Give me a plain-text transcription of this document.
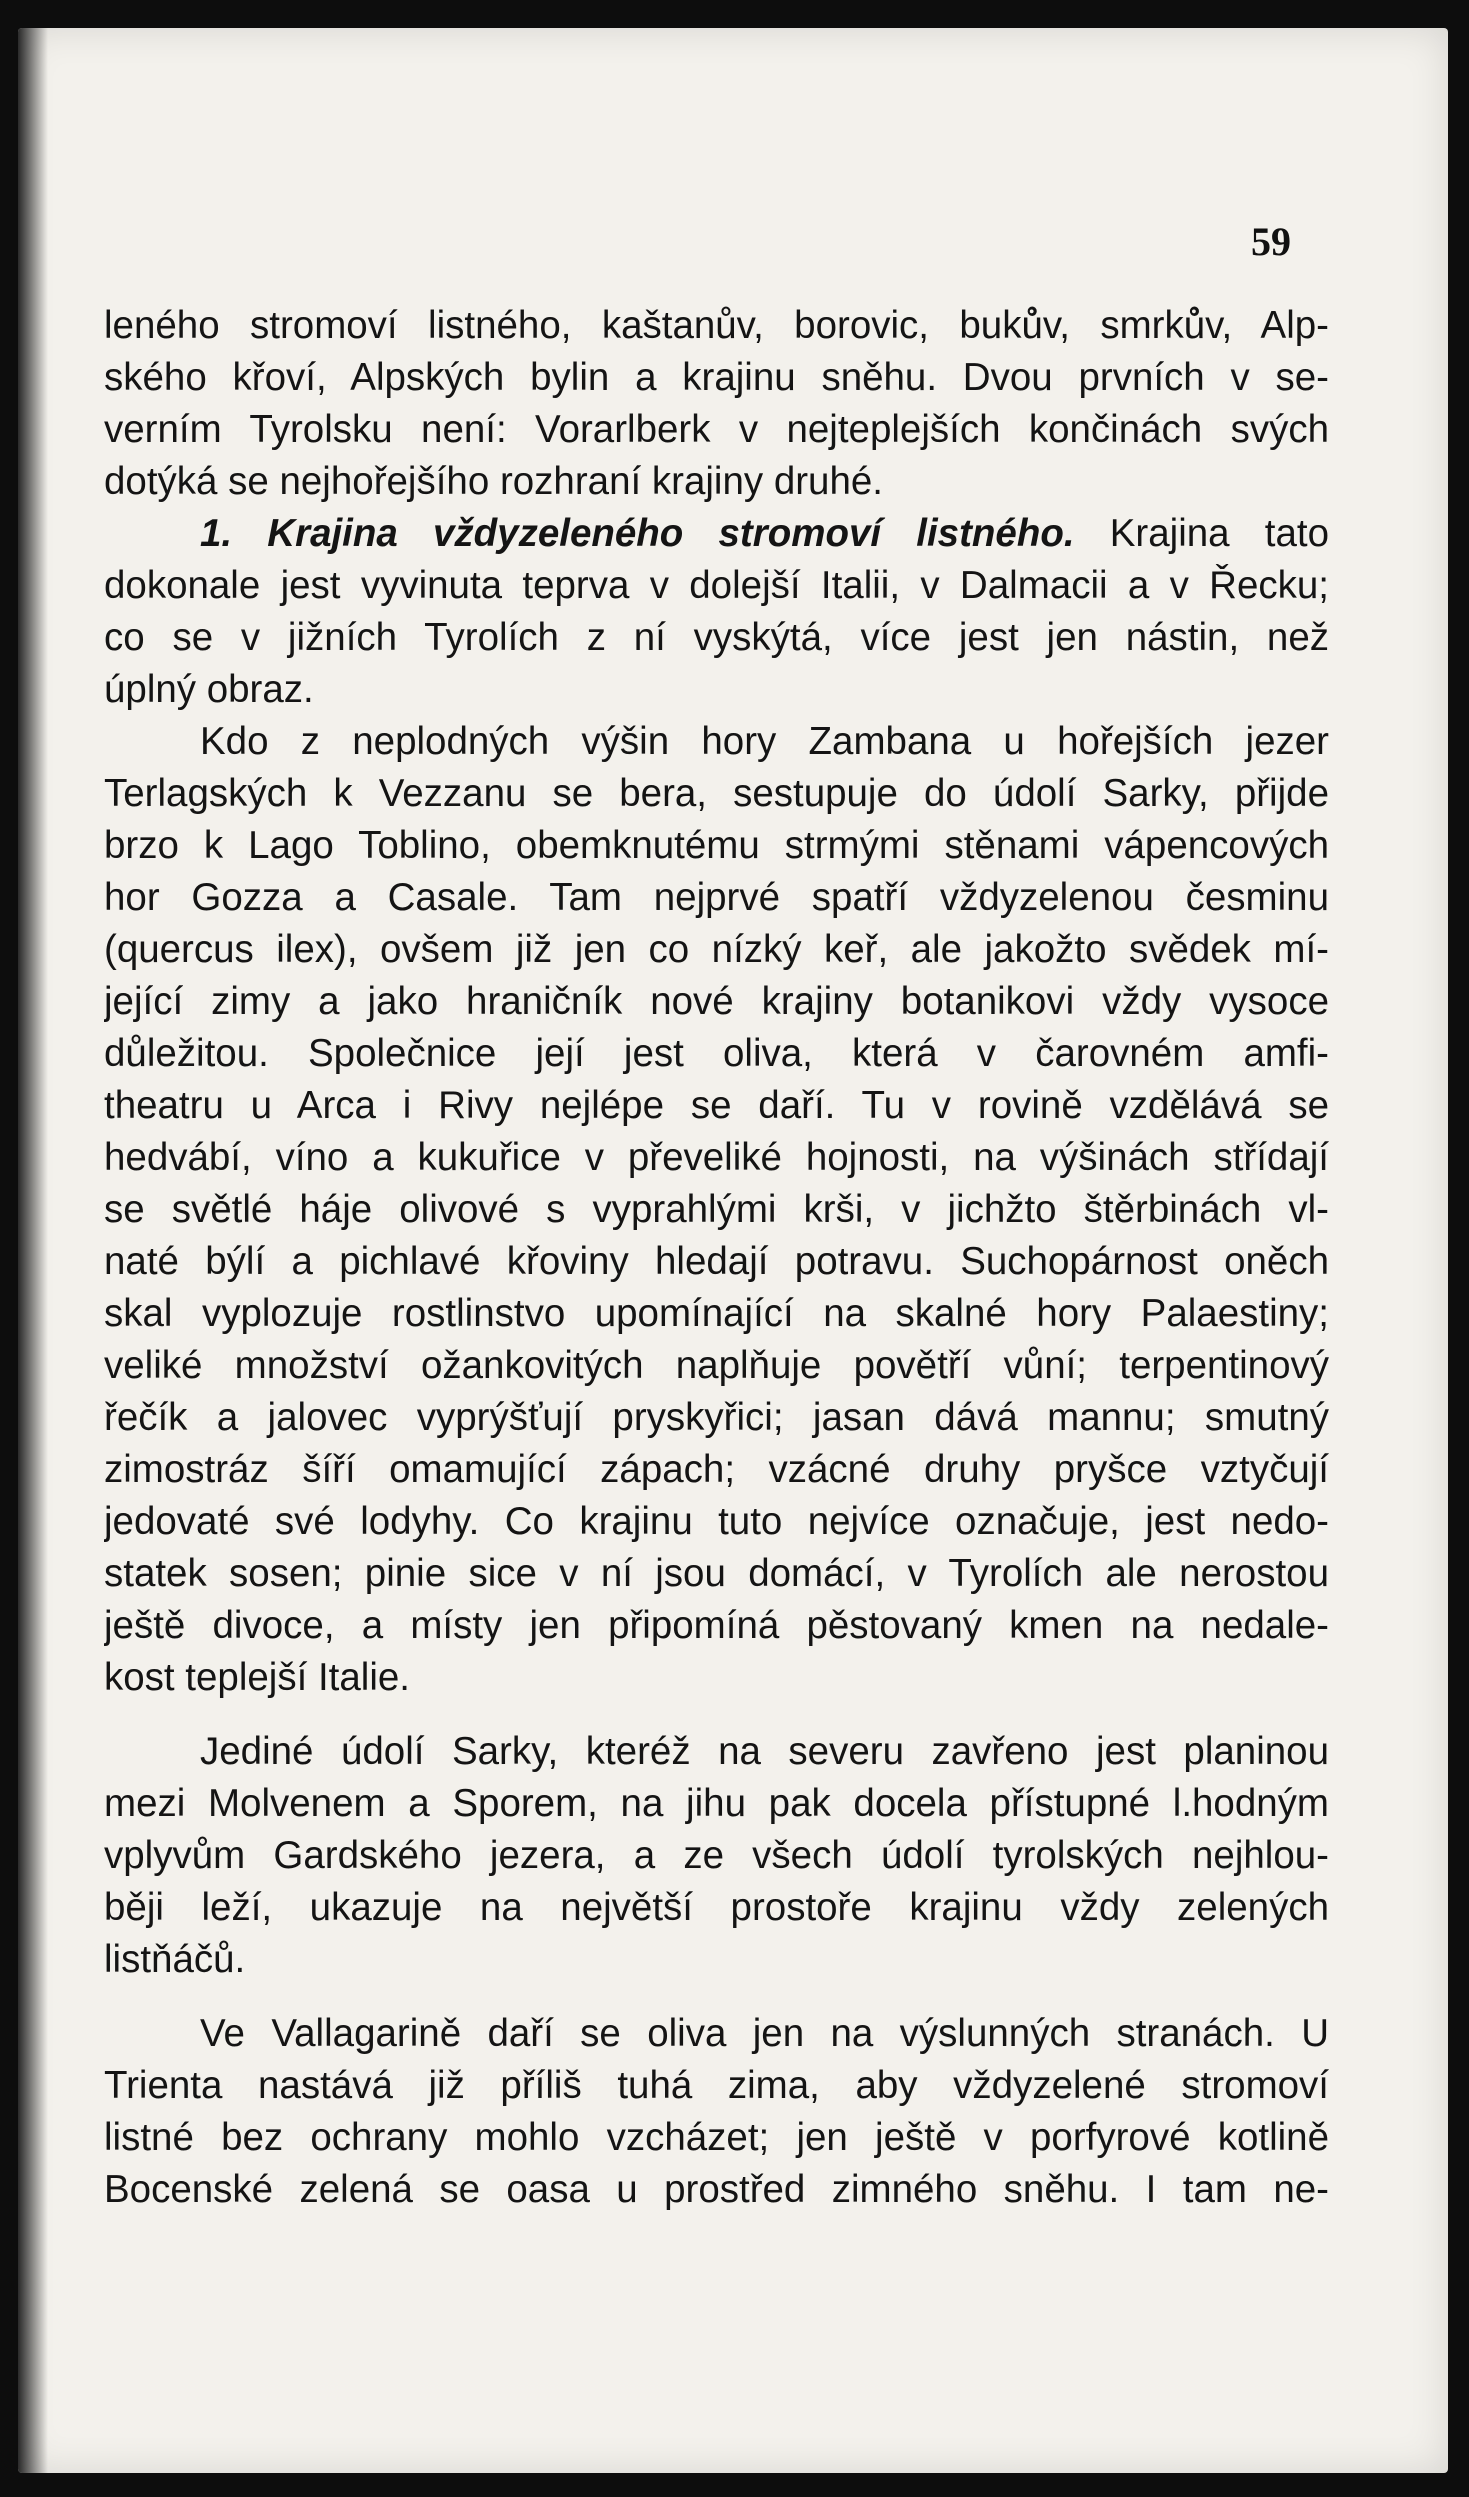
59
leného stromoví listného, kaštanův, borovic, buků̊v, smrků̊v, Alp-
ského křoví, Alpských bylin a krajinu sněhu. Dvou prvních v se-
verním Tyrolsku není: Vorarlberk v nejteplejších končinách svých
dotýká se nejhořejšího rozhraní krajiny druhé.
1. Krajina vždyzeleného stromoví listného. Krajina tato
dokonale jest vyvinuta teprva v dolejší Italii, v Dalmacii a v Řecku;
co se v jižních Tyrolích z ní vyskýtá, více jest jen nástin, než
úplný obraz.
Kdo z neplodných výšin hory Zambana u hořejších jezer
Terlagských k Vezzanu se bera, sestupuje do údolí Sarky, přijde
brzo k Lago Toblino, obemknutému strmými stěnami vápencových
hor Gozza a Casale. Tam nejprvé spatří vždyzelenou česminu
(quercus ilex), ovšem již jen co nízký keř, ale jakožto svědek mí-
jející zimy a jako hraničník nové krajiny botanikovi vždy vysoce
důležitou. Společnice její jest oliva, která v čarovném amfi-
theatru u Arca i Rivy nejlépe se daří. Tu v rovině vzdělává se
hedvábí, víno a kukuřice v převeliké hojnosti, na výšinách střídají
se světlé háje olivové s vyprahlými krši, v jichžto štěrbinách vl-
naté býlí a pichlavé křoviny hledají potravu. Suchopárnost oněch
skal vyplozuje rostlinstvo upomínající na skalné hory Palaestiny;
veliké množství ožankovitých naplňuje povětří vůní; terpentinový
řečík a jalovec vyprýšťují pryskyřici; jasan dává mannu; smutný
zimostráz šíří omamující zápach; vzácné druhy pryšce vztyčují
jedovaté své lodyhy. Co krajinu tuto nejvíce označuje, jest nedo-
statek sosen; pinie sice v ní jsou domácí, v Tyrolích ale nerostou
ještě divoce, a místy jen připomíná pěstovaný kmen na nedale-
kost teplejší Italie.
Jediné údolí Sarky, kteréž na severu zavřeno jest planinou
mezi Molvenem a Sporem, na jihu pak docela přístupné l.hodným
vplyvům Gardského jezera, a ze všech údolí tyrolských nejhlou-
běji leží, ukazuje na největší prostoře krajinu vždy zelených
listňáčů.
Ve Vallagarině daří se oliva jen na výslunných stranách. U
Trienta nastává již příliš tuhá zima, aby vždyzelené stromoví
listné bez ochrany mohlo vzcházet; jen ještě v porfyrové kotlině
Bocenské zelená se oasa u prostřed zimného sněhu. I tam ne-
